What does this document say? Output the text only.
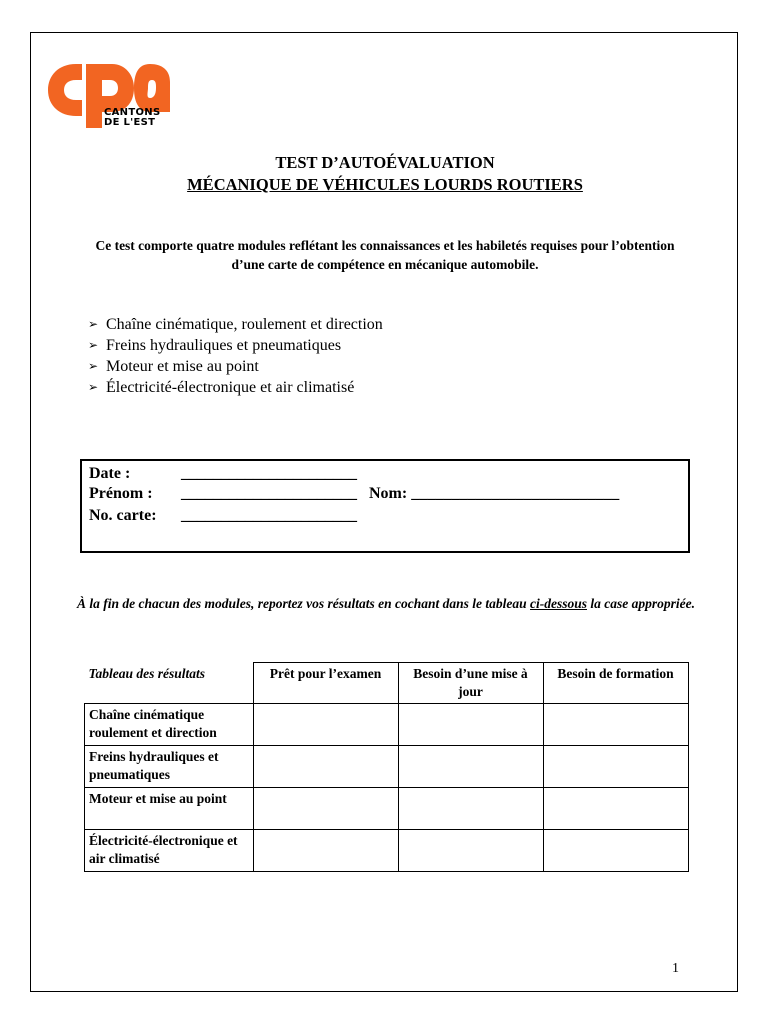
CANTONS
DE L'EST
TEST D’AUTOÉVALUATION
MÉCANIQUE DE VÉHICULES LOURDS ROUTIERS
Ce test comporte quatre modules reflétant les connaissances et les habiletés requises pour l’obtention d’une carte de compétence en mécanique automobile.
➢ Chaîne cinématique, roulement et direction
➢ Freins hydrauliques et pneumatiques
➢ Moteur et mise au point
➢ Électricité-électronique et air climatisé
Date :	______________________
Prénom : ______________________ Nom: __________________________
No. carte: ______________________
À la fin de chacun des modules, reportez vos résultats en cochant dans le tableau ci-dessous la case appropriée.
Tableau des résultats	Prêt pour l’examen	Besoin d’une mise à jour	Besoin de formation
Chaîne cinématique roulement et direction			
Freins hydrauliques et pneumatiques			
Moteur et mise au point			
Électricité-électronique et air climatisé			
1
